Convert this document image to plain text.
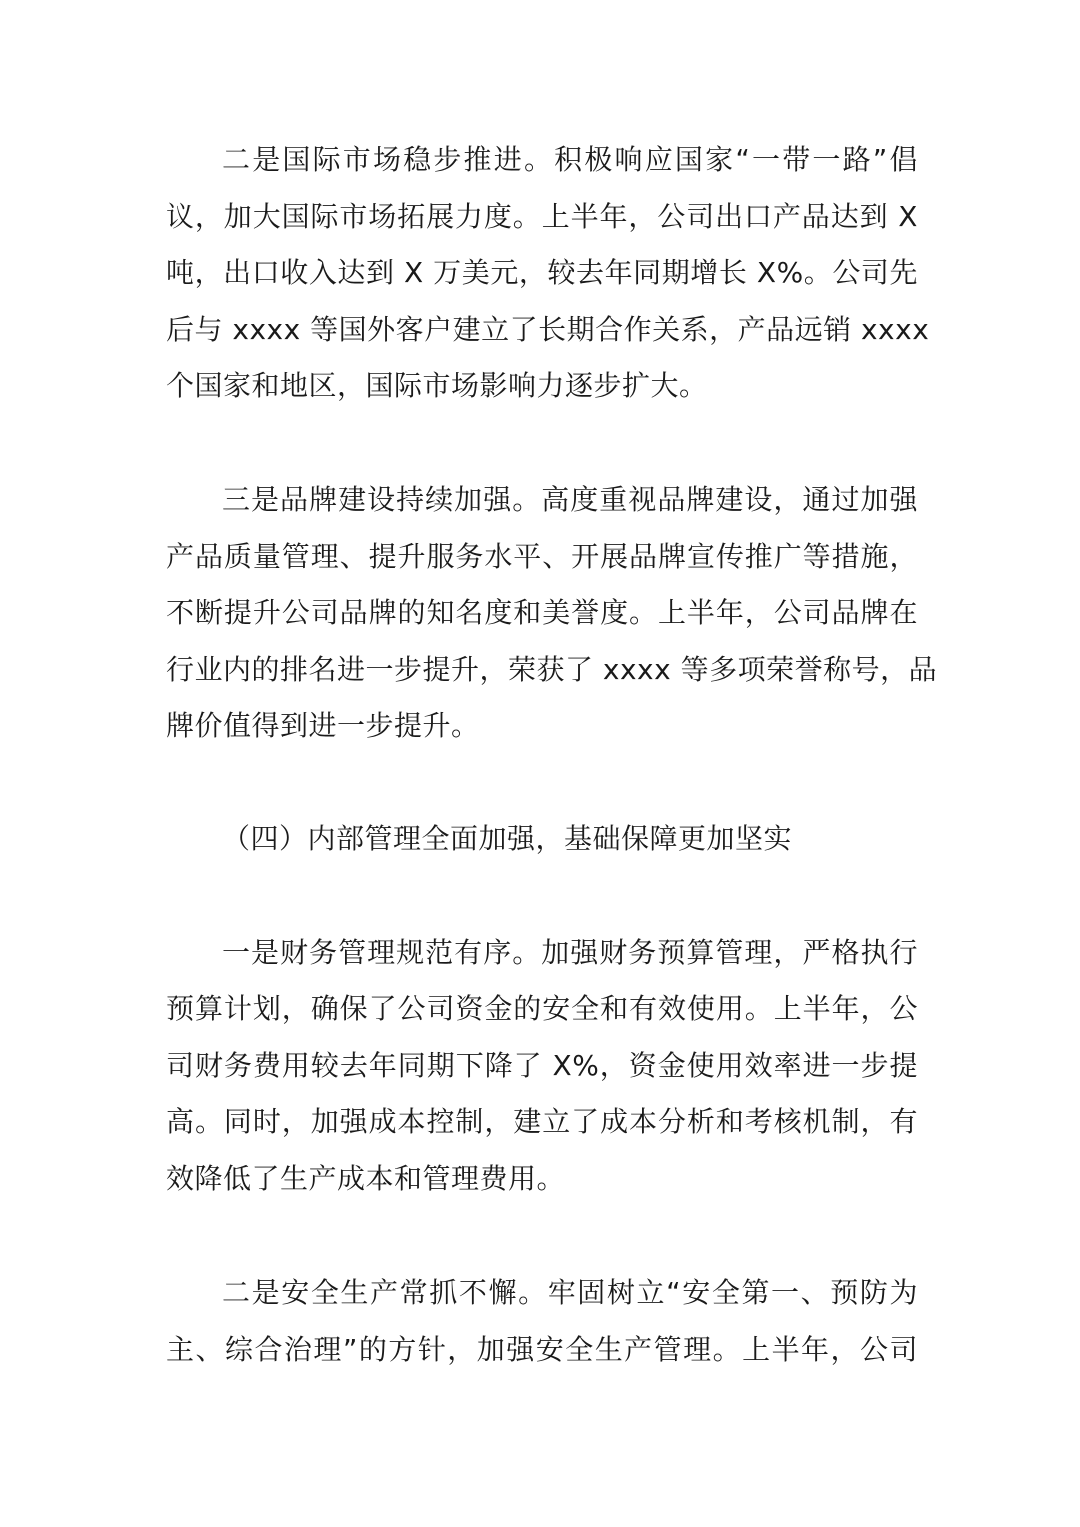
二是国际市场稳步推进。积极响应国家“一带一路”倡
议，加大国际市场拓展力度。上半年，公司出口产品达到 X
吨，出口收入达到 X 万美元，较去年同期增长 X%。公司先
后与 xxxx 等国外客户建立了长期合作关系，产品远销 xxxx
个国家和地区，国际市场影响力逐步扩大。
三是品牌建设持续加强。高度重视品牌建设，通过加强
产品质量管理、提升服务水平、开展品牌宣传推广等措施，
不断提升公司品牌的知名度和美誉度。上半年，公司品牌在
行业内的排名进一步提升，荣获了 xxxx 等多项荣誉称号，品
牌价值得到进一步提升。
（四）内部管理全面加强，基础保障更加坚实
一是财务管理规范有序。加强财务预算管理，严格执行
预算计划，确保了公司资金的安全和有效使用。上半年，公
司财务费用较去年同期下降了 X%，资金使用效率进一步提
高。同时，加强成本控制，建立了成本分析和考核机制，有
效降低了生产成本和管理费用。
二是安全生产常抓不懈。牢固树立“安全第一、预防为
主、综合治理”的方针，加强安全生产管理。上半年，公司
